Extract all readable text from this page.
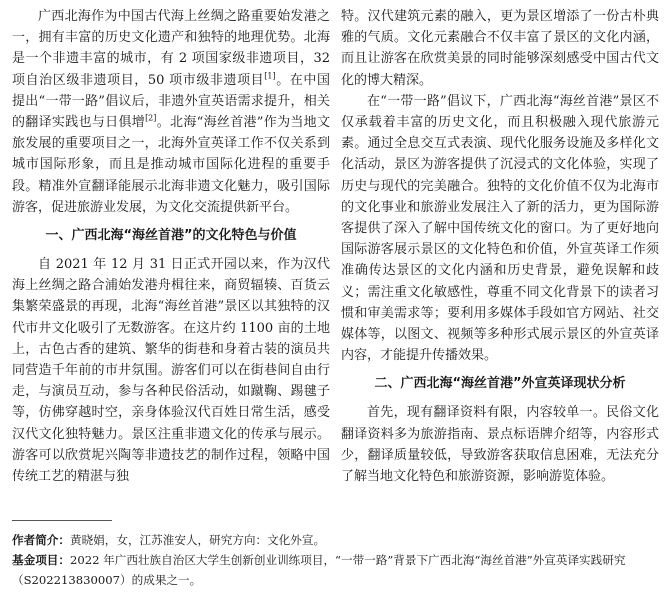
广西北海作为中国古代海上丝绸之路重要始发港之一，拥有丰富的历史文化遗产和独特的地理优势。北海是一个非遗丰富的城市，有 2 项国家级非遗项目，32 项自治区级非遗项目，50 项市级非遗项目[1]。在中国提出“一带一路”倡议后，非遗外宣英语需求提升，相关的翻译实践也与日俱增[2]。北海“海丝首港”作为当地文旅发展的重要项目之一，北海外宣英译工作不仅关系到城市国际形象，而且是推动城市国际化进程的重要手段。精准外宣翻译能展示北海非遗文化魅力，吸引国际游客，促进旅游业发展，为文化交流提供新平台。

一、广西北海“海丝首港”的文化特色与价值

自 2021 年 12 月 31 日正式开园以来，作为汉代海上丝绸之路合浦始发港舟楫往来，商贸辐辏、百货云集繁荣盛景的再现，北海“海丝首港”景区以其独特的汉代市井文化吸引了无数游客。在这片约 1100 亩的土地上，古色古香的建筑、繁华的街巷和身着古装的演员共同营造千年前的市井氛围。游客们可以在街巷间自由行走，与演员互动，参与各种民俗活动，如蹴鞠、踢毽子等，仿佛穿越时空，亲身体验汉代百姓日常生活，感受汉代文化独特魅力。景区注重非遗文化的传承与展示。游客可以欣赏坭兴陶等非遗技艺的制作过程，领略中国传统工艺的精湛与独

特。汉代建筑元素的融入，更为景区增添了一份古朴典雅的气质。文化元素融合不仅丰富了景区的文化内涵，而且让游客在欣赏美景的同时能够深刻感受中国古代文化的博大精深。

在“一带一路”倡议下，广西北海“海丝首港”景区不仅承载着丰富的历史文化，而且积极融入现代旅游元素。通过全息交互式表演、现代化服务设施及多样化文化活动，景区为游客提供了沉浸式的文化体验，实现了历史与现代的完美融合。独特的文化价值不仅为北海市的文化事业和旅游业发展注入了新的活力，更为国际游客提供了深入了解中国传统文化的窗口。为了更好地向国际游客展示景区的文化特色和价值，外宣英译工作须准确传达景区的文化内涵和历史背景，避免误解和歧义；需注重文化敏感性，尊重不同文化背景下的读者习惯和审美需求等；要利用多媒体手段如官方网站、社交媒体等，以图文、视频等多种形式展示景区的外宣英译内容，才能提升传播效果。

二、广西北海“海丝首港”外宣英译现状分析

首先，现有翻译资料有限，内容较单一。民俗文化翻译资料多为旅游指南、景点标语牌介绍等，内容形式少，翻译质量较低，导致游客获取信息困难，无法充分了解当地文化特色和旅游资源，影响游览体验。

作者简介：黄晓娟，女，江苏淮安人，研究方向：文化外宣。

基金项目：2022 年广西壮族自治区大学生创新创业训练项目，“一带一路”背景下广西北海“海丝首港”外宣英译实践研究（S202213830007）的成果之一。
